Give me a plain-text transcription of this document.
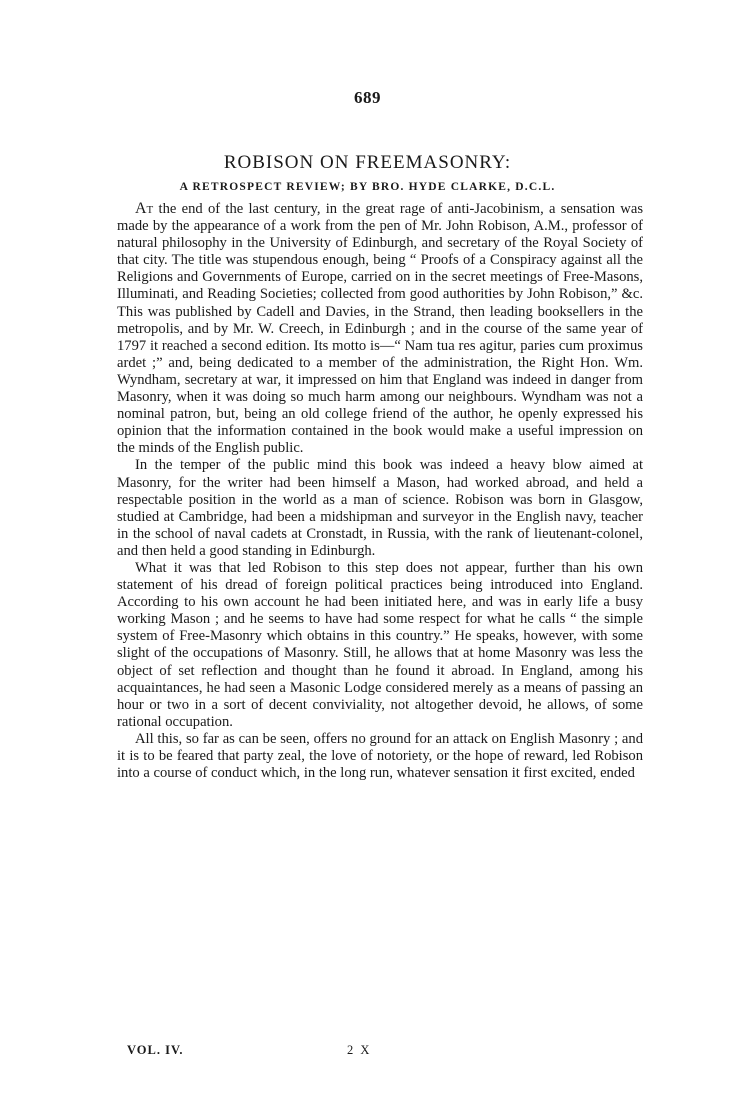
689
ROBISON ON FREEMASONRY:
A RETROSPECT REVIEW; BY BRO. HYDE CLARKE, D.C.L.

At the end of the last century, in the great rage of anti-Jacobinism, a sensation was made by the appearance of a work from the pen of Mr. John Robison, A.M., professor of natural philosophy in the University of Edinburgh, and secretary of the Royal Society of that city. The title was stupendous enough, being “ Proofs of a Conspiracy against all the Religions and Governments of Europe, carried on in the secret meetings of Free-Masons, Illuminati, and Reading Societies; collected from good authorities by John Robison,” &c. This was published by Cadell and Davies, in the Strand, then leading booksellers in the metropolis, and by Mr. W. Creech, in Edinburgh ; and in the course of the same year of 1797 it reached a second edition. Its motto is—“ Nam tua res agitur, paries cum proximus ardet ;” and, being dedicated to a member of the administration, the Right Hon. Wm. Wyndham, secretary at war, it impressed on him that England was indeed in danger from Masonry, when it was doing so much harm among our neighbours. Wyndham was not a nominal patron, but, being an old college friend of the author, he openly expressed his opinion that the information contained in the book would make a useful impression on the minds of the English public.

In the temper of the public mind this book was indeed a heavy blow aimed at Masonry, for the writer had been himself a Mason, had worked abroad, and held a respectable position in the world as a man of science. Robison was born in Glasgow, studied at Cambridge, had been a midshipman and surveyor in the English navy, teacher in the school of naval cadets at Cronstadt, in Russia, with the rank of lieutenant-colonel, and then held a good standing in Edinburgh.

What it was that led Robison to this step does not appear, further than his own statement of his dread of foreign political practices being introduced into England. According to his own account he had been initiated here, and was in early life a busy working Mason ; and he seems to have had some respect for what he calls “ the simple system of Free-Masonry which obtains in this country.” He speaks, however, with some slight of the occupations of Masonry. Still, he allows that at home Masonry was less the object of set reflection and thought than he found it abroad. In England, among his acquaintances, he had seen a Masonic Lodge considered merely as a means of passing an hour or two in a sort of decent conviviality, not altogether devoid, he allows, of some rational occupation.

All this, so far as can be seen, offers no ground for an attack on English Masonry ; and it is to be feared that party zeal, the love of notoriety, or the hope of reward, led Robison into a course of conduct which, in the long run, whatever sensation it first excited, ended

VOL. IV.	2 X
